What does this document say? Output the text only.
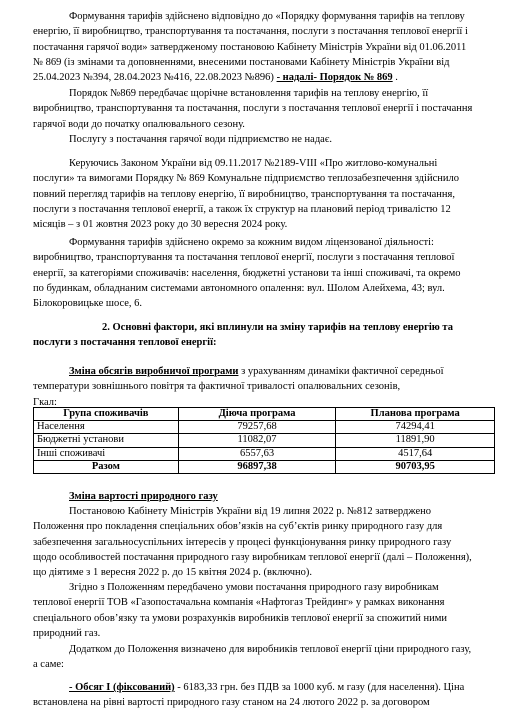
Формування тарифів здійснено відповідно до «Порядку формування тарифів на теплову
енергію, її виробництво, транспортування та постачання, послуги з постачання теплової енергії і
постачання гарячої води» затвердженому постановою Кабінету Міністрів України від 01.06.2011
№ 869 (із змінами та доповненнями, внесеними постановами Кабінету Міністрів України від
25.04.2023 №394, 28.04.2023 №416, 22.08.2023 №896) - надалі- Порядок № 869 .
Порядок №869 передбачає щорічне встановлення тарифів на теплову енергію, її
виробництво, транспортування та постачання, послуги з постачання теплової енергії і постачання
гарячої води до початку опалювального сезону.
Послугу з постачання гарячої води підприємство не надає.
Керуючись Законом України від 09.11.2017 №2189-VIII «Про житлово-комунальні
послуги» та вимогами Порядку № 869 Комунальне підприємство теплозабезпечення здійснило
повний перегляд тарифів на теплову енергію, її виробництво, транспортування та постачання,
послуги з постачання теплової енергії, а також їх структур на плановий період тривалістю 12
місяців – з 01 жовтня 2023 року до 30 вересня 2024 року.
Формування тарифів здійснено окремо за кожним видом ліцензованої діяльності:
виробництво, транспортування та постачання теплової енергії, послуги з постачання теплової
енергії, за категоріями споживачів: населення, бюджетні установи та інші споживачі, та окремо
по будинкам, обладнаним системами автономного опалення: вул. Шолом Алейхема, 43; вул.
Білокоровицьке шосе, 6.
2. Основні фактори, які вплинули на зміну тарифів на теплову енергію та
послуги з постачання теплової енергії:
Зміна обсягів виробничої програми з урахуванням динаміки фактичної середньої
температури зовнішнього повітря та фактичної тривалості опалювальних сезонів,
Гкал:
Група споживачів	Діюча програма	Планова програма
Населення	79257,68	74294,41
Бюджетні установи	11082,07	11891,90
Інші споживачі	6557,63	4517,64
Разом	96897,38	90703,95
Зміна вартості природного газу
Постановою Кабінету Міністрів України від 19 липня 2022 р. №812 затверджено
Положення про покладення спеціальних обов’язків на суб’єктів ринку природного газу для
забезпечення загальносуспільних інтересів у процесі функціонування ринку природного газу
щодо особливостей постачання природного газу виробникам теплової енергії (далі – Положення),
що діятиме з 1 вересня 2022 р. до 15 квітня 2024 р. (включно).
Згідно з Положенням передбачено умови постачання природного газу виробникам
теплової енергії ТОВ «Газопостачальна компанія «Нафтогаз Трейдинг» у рамках виконання
спеціального обов’язку та умови розрахунків виробників теплової енергії за спожитий ними
природний газ.
Додатком до Положення визначено для виробників теплової енергії ціни природного газу,
а саме:
- Обсяг І (фіксований) - 6183,33 грн. без ПДВ за 1000 куб. м газу (для населення). Ціна
встановлена на рівні вартості природного газу станом на 24 лютого 2022 р. за договором
